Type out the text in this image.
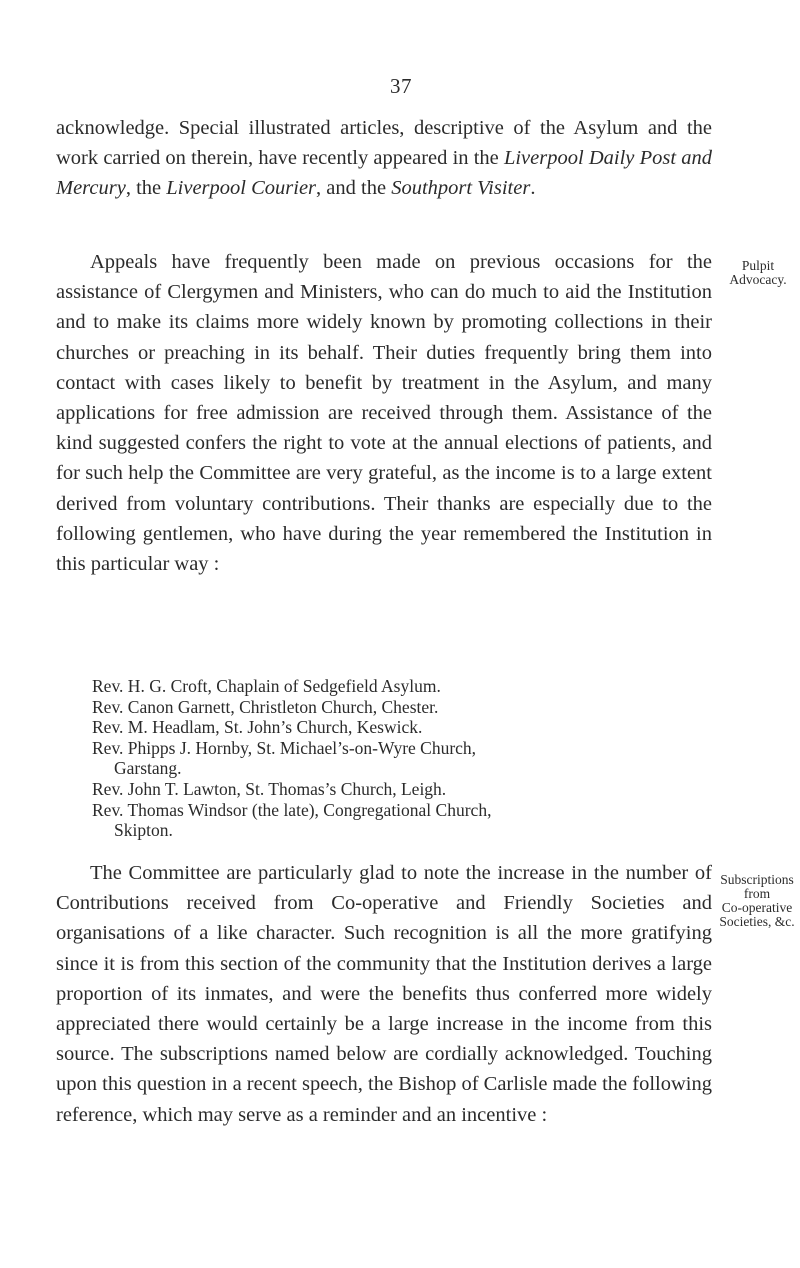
37

acknowledge. Special illustrated articles, descriptive of the Asylum and the work carried on therein, have recently appeared in the Liverpool Daily Post and Mercury, the Liverpool Courier, and the Southport Visiter.

Pulpit
Advocacy.

Appeals have frequently been made on previous occasions for the assistance of Clergymen and Ministers, who can do much to aid the Institution and to make its claims more widely known by promoting collections in their churches or preaching in its behalf. Their duties frequently bring them into contact with cases likely to benefit by treatment in the Asylum, and many applications for free admission are received through them. Assistance of the kind suggested confers the right to vote at the annual elections of patients, and for such help the Committee are very grateful, as the income is to a large extent derived from voluntary contributions. Their thanks are especially due to the following gentlemen, who have during the year remembered the Institution in this particular way :

Rev. H. G. Croft, Chaplain of Sedgefield Asylum.
Rev. Canon Garnett, Christleton Church, Chester.
Rev. M. Headlam, St. John’s Church, Keswick.
Rev. Phipps J. Hornby, St. Michael’s-on-Wyre Church,
Garstang.
Rev. John T. Lawton, St. Thomas’s Church, Leigh.
Rev. Thomas Windsor (the late), Congregational Church,
Skipton.
Subscriptions
from
Co-operative
Societies, &c.

The Committee are particularly glad to note the increase in the number of Contributions received from Co-operative and Friendly Societies and organisations of a like character. Such recognition is all the more gratifying since it is from this section of the community that the Institution derives a large proportion of its inmates, and were the benefits thus conferred more widely appreciated there would certainly be a large increase in the income from this source. The subscriptions named below are cordially acknowledged. Touching upon this question in a recent speech, the Bishop of Carlisle made the following reference, which may serve as a reminder and an incentive :
